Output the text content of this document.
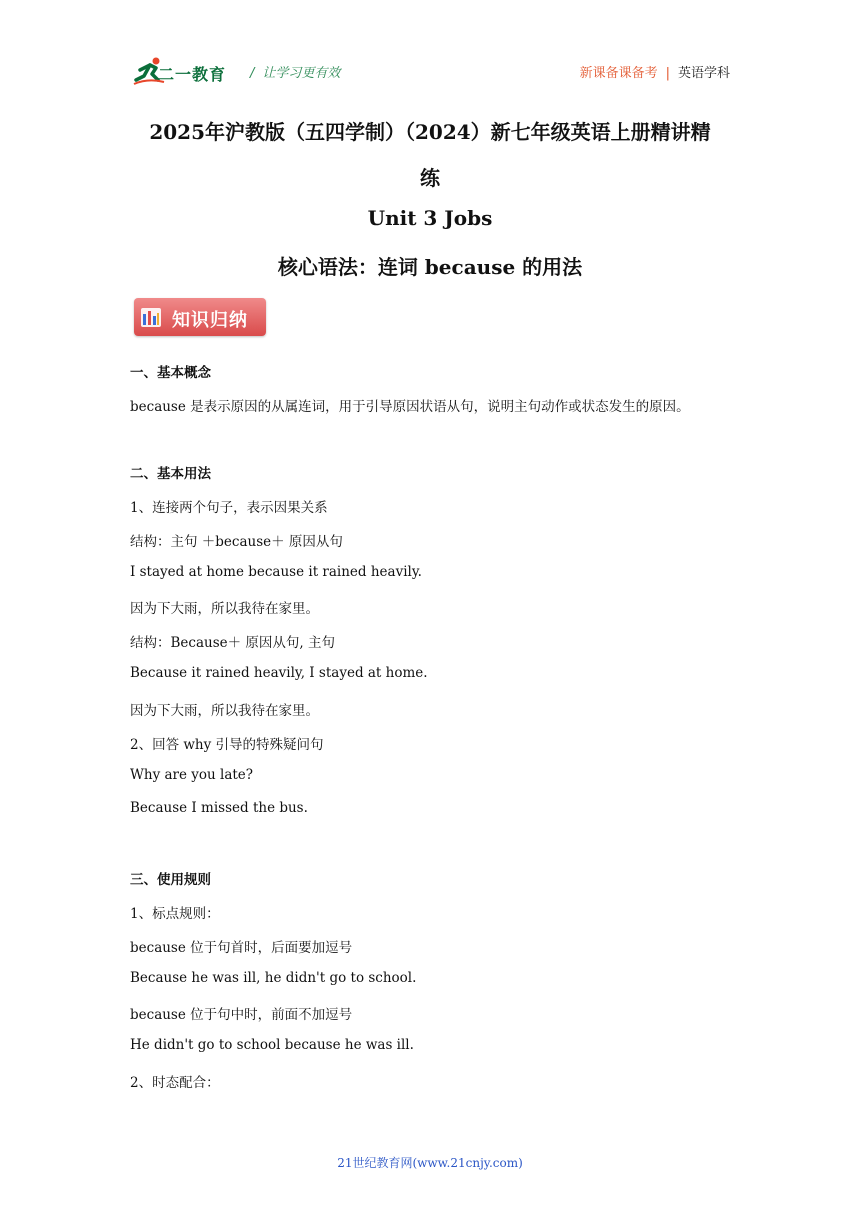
二一教育 / 让学习更有效	新课备课备考 | 英语学科
2025年沪教版（五四学制）（2024）新七年级英语上册精讲精
练
Unit 3 Jobs
核心语法：连词 because 的用法
知识归纳
一、基本概念
because 是表示原因的从属连词，用于引导原因状语从句，说明主句动作或状态发生的原因。
二、基本用法
1、连接两个句子，表示因果关系
结构：主句 ＋because＋ 原因从句
I stayed at home because it rained heavily.
因为下大雨，所以我待在家里。
结构：Because＋ 原因从句, 主句
Because it rained heavily, I stayed at home.
因为下大雨，所以我待在家里。
2、回答 why 引导的特殊疑问句
Why are you late?
Because I missed the bus.
三、使用规则
1、标点规则：
because 位于句首时，后面要加逗号
Because he was ill, he didn't go to school.
because 位于句中时，前面不加逗号
He didn't go to school because he was ill.
2、时态配合：
21世纪教育网(www.21cnjy.com)
